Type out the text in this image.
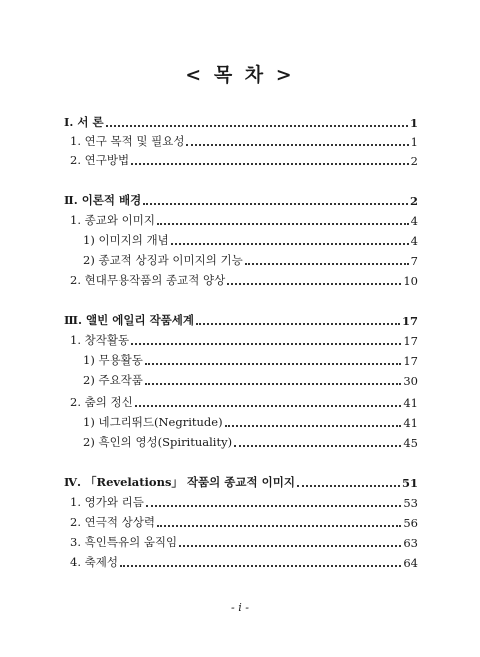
< 목 차 >
Ⅰ. 서 론	1
1. 연구 목적 및 필요성	1
2. 연구방법	2
Ⅱ. 이론적 배경	2
1. 종교와 이미지	4
1) 이미지의 개념	4
2) 종교적 상징과 이미지의 기능	7
2. 현대무용작품의 종교적 양상	10
Ⅲ. 앨빈 에일리 작품세계	17
1. 창작활동	17
1) 무용활동	17
2) 주요작품	30
2. 춤의 정신	41
1) 네그리뛰드(Negritude)	41
2) 흑인의 영성(Spirituality)	45
Ⅳ. 「Revelations」 작품의 종교적 이미지	51
1. 영가와 리듬	53
2. 연극적 상상력	56
3. 흑인특유의 움직임	63
4. 축제성	64
- i -
